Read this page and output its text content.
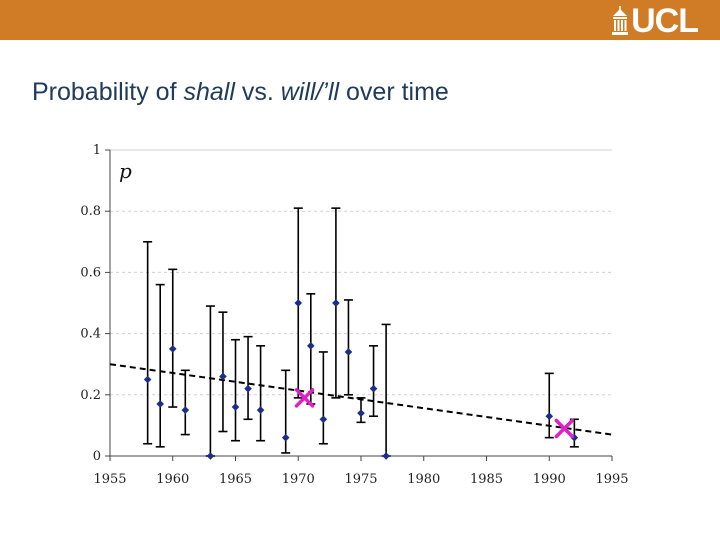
UCL
Probability of shall vs. will/’ll over time
0
0.2
0.4
0.6
0.8
1
1955 1960 1965 1970 1975 1980 1985 1990 1995
p
